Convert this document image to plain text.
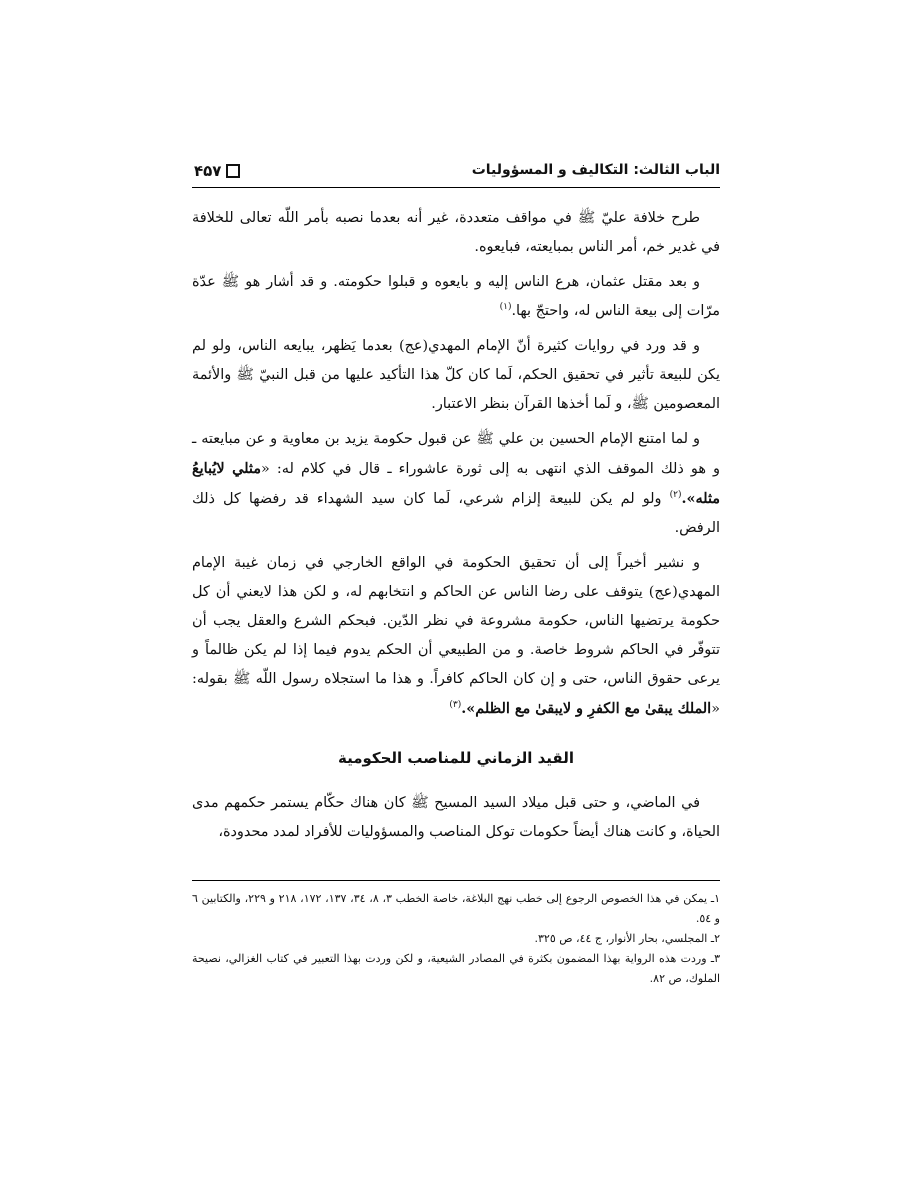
الباب الثالث: التكاليف و المسؤوليات
۴۵۷

طرح خلافة عليّ ﷺ في مواقف متعددة، غير أنه بعدما نصبه بأمر اللّه تعالى للخلافة في غدير خم، أمر الناس بمبايعته، فبايعوه.

و بعد مقتل عثمان، هرع الناس إليه و بايعوه و قبلوا حكومته. و قد أشار هو ﷺ عدّة مرّات إلى بيعة الناس له، واحتجّ بها.$^{(١)}$

و قد ورد في روايات كثيرة أنّ الإمام المهدي(عج) بعدما يَظهر، يبايعه الناس، ولو لم يكن للبيعة تأثير في تحقيق الحكم، لَما كان كلّ هذا التأكيد عليها من قبل النبيّ ﷺ والأئمة المعصومين ﷺ، و لَما أخذها القرآن بنظر الاعتبار.

و لما امتنع الإمام الحسين بن علي ﷺ عن قبول حكومة يزيد بن معاوية و عن مبايعته ـ و هو ذلك الموقف الذي انتهى به إلى ثورة عاشوراء ـ قال في كلام له: «مثلي لايُبايعُ مثله».$^{(٢)}$ ولو لم يكن للبيعة إلزام شرعي، لَما كان سيد الشهداء قد رفضها كل ذلك الرفض.

و نشير أخيراً إلى أن تحقيق الحكومة في الواقع الخارجي في زمان غيبة الإمام المهدي(عج) يتوقف على رضا الناس عن الحاكم و انتخابهم له، و لكن هذا لايعني أن كل حكومة يرتضيها الناس، حكومة مشروعة في نظر الدّين. فبحكم الشرع والعقل يجب أن تتوفّر في الحاكم شروط خاصة. و من الطبيعي أن الحكم يدوم فيما إذا لم يكن ظالماً و يرعى حقوق الناس، حتى و إن كان الحاكم كافراً. و هذا ما استجلاه رسول اللّه ﷺ بقوله: «الملك يبقىٰ مع الكفرِ و لايبقىٰ مع الظلم».$^{(٣)}$

القيد الزماني للمناصب الحكومية

في الماضي، و حتى قبل ميلاد السيد المسيح ﷺ كان هناك حكّام يستمر حكمهم مدى الحياة، و كانت هناك أيضاً حكومات توكل المناصب والمسؤوليات للأفراد لمدد محدودة،

١ـ يمكن في هذا الخصوص الرجوع إلى خطب نهج البلاغة، خاصة الخطب ٣، ٨، ٣٤، ١٣٧، ١٧٢، ٢١٨ و ٢٢٩، والكتابين ٦ و ٥٤.

٢ـ المجلسي، بحار الأنوار، ج ٤٤، ص ٣٢٥.

٣ـ وردت هذه الرواية بهذا المضمون بكثرة في المصادر الشيعية، و لكن وردت بهذا التعبير في كتاب الغزالي، نصيحة الملوك، ص ٨٢.
